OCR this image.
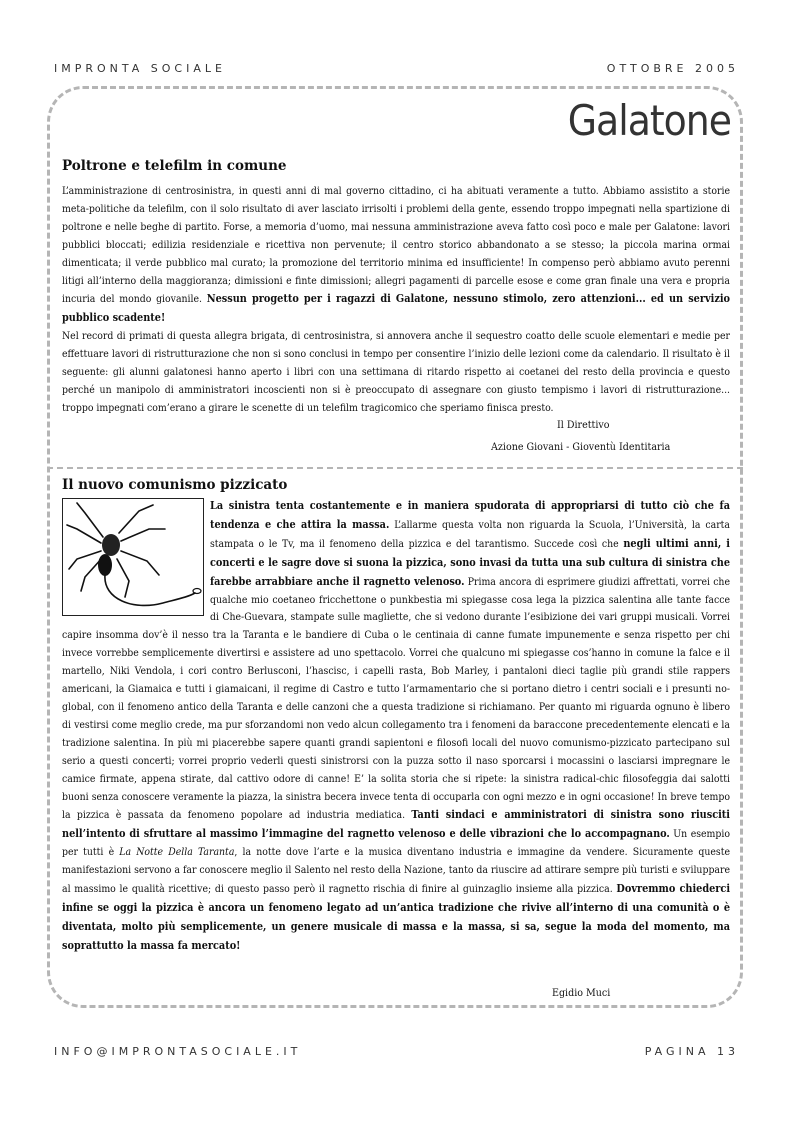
IMPRONTA SOCIALE	OTTOBRE 2005
Galatone
Poltrone e telefilm in comune

L’amministrazione di centrosinistra, in questi anni di mal governo cittadino, ci ha abituati veramente a tutto. Abbiamo assistito a storie meta-politiche da telefilm, con il solo risultato di aver lasciato irrisolti i problemi della gente, essendo troppo impegnati nella spartizione di poltrone e nelle beghe di partito. Forse, a memoria d’uomo, mai nessuna amministrazione aveva fatto così poco e male per Galatone: lavori pubblici bloccati; edilizia residenziale e ricettiva non pervenute; il centro storico abbandonato a se stesso; la piccola marina ormai dimenticata; il verde pubblico mal curato; la promozione del territorio minima ed insufficiente! In compenso però abbiamo avuto perenni litigi all’interno della maggioranza; dimissioni e finte dimissioni; allegri pagamenti di parcelle esose e come gran finale una vera e propria incuria del mondo giovanile. Nessun progetto per i ragazzi di Galatone, nessuno stimolo, zero attenzioni... ed un servizio pubblico scadente!
Nel record di primati di questa allegra brigata, di centrosinistra, si annovera anche il sequestro coatto delle scuole elementari e medie per effettuare lavori di ristrutturazione che non si sono conclusi in tempo per consentire l’inizio delle lezioni come da calendario. Il risultato è il seguente: gli alunni galatonesi hanno aperto i libri con una settimana di ritardo rispetto ai coetanei del resto della provincia e questo perché un manipolo di amministratori incoscienti non si è preoccupato di assegnare con giusto tempismo i lavori di ristrutturazione... troppo impegnati com’erano a girare le scenette di un telefilm tragicomico che speriamo finisca presto.

Il Direttivo
Azione Giovani - Gioventù Identitaria
Il nuovo comunismo pizzicato
La sinistra tenta costantemente e in maniera spudorata di appropriarsi di tutto ciò che fa tendenza e che attira la massa. L’allarme questa volta non riguarda la Scuola, l’Università, la carta stampata o le Tv, ma il fenomeno della pizzica e del tarantismo. Succede così che negli ultimi anni, i concerti e le sagre dove si suona la pizzica, sono invasi da tutta una sub cultura di sinistra che farebbe arrabbiare anche il ragnetto velenoso. Prima ancora di esprimere giudizi affrettati, vorrei che qualche mio coetaneo fricchettone o punkbestia mi spiegasse cosa lega la pizzica salentina alle tante facce di Che-Guevara, stampate sulle magliette, che si vedono durante l’esibizione dei vari gruppi musicali. Vorrei capire insomma dov’è il nesso tra la Taranta e le bandiere di Cuba o le centinaia di canne fumate impunemente e senza rispetto per chi invece vorrebbe semplicemente divertirsi e assistere ad uno spettacolo. Vorrei che qualcuno mi spiegasse cos’hanno in comune la falce e il martello, Niki Vendola, i cori contro Berlusconi, l’hascisc, i capelli rasta, Bob Marley, i pantaloni dieci taglie più grandi stile rappers americani, la Giamaica e tutti i giamaicani, il regime di Castro e tutto l’armamentario che si portano dietro i centri sociali e i presunti no-global, con il fenomeno antico della Taranta e delle canzoni che a questa tradizione si richiamano. Per quanto mi riguarda ognuno è libero di vestirsi come meglio crede, ma pur sforzandomi non vedo alcun collegamento tra i fenomeni da baraccone precedentemente elencati e la tradizione salentina. In più mi piacerebbe sapere quanti grandi sapientoni e filosofi locali del nuovo comunismo-pizzicato partecipano sul serio a questi concerti; vorrei proprio vederli questi sinistrorsi con la puzza sotto il naso sporcarsi i mocassini o lasciarsi impregnare le camice firmate, appena stirate, dal cattivo odore di canne! E’ la solita storia che si ripete: la sinistra radical-chic filosofeggia dai salotti buoni senza conoscere veramente la piazza, la sinistra becera invece tenta di occuparla con ogni mezzo e in ogni occasione! In breve tempo la pizzica è passata da fenomeno popolare ad industria mediatica. Tanti sindaci e amministratori di sinistra sono riusciti nell’intento di sfruttare al massimo l’immagine del ragnetto velenoso e delle vibrazioni che lo accompagnano. Un esempio per tutti è La Notte Della Taranta, la notte dove l’arte e la musica diventano industria e immagine da vendere. Sicuramente queste manifestazioni servono a far conoscere meglio il Salento nel resto della Nazione, tanto da riuscire ad attirare sempre più turisti e sviluppare al massimo le qualità ricettive; di questo passo però il ragnetto rischia di finire al guinzaglio insieme alla pizzica. Dovremmo chiederci infine se oggi la pizzica è ancora un fenomeno legato ad un’antica tradizione che rivive all’interno di una comunità o è diventata, molto più semplicemente, un genere musicale di massa e la massa, si sa, segue la moda del momento, ma soprattutto la massa fa mercato!
Egidio Muci
INFO@IMPRONTASOCIALE.IT	PAGINA 13
